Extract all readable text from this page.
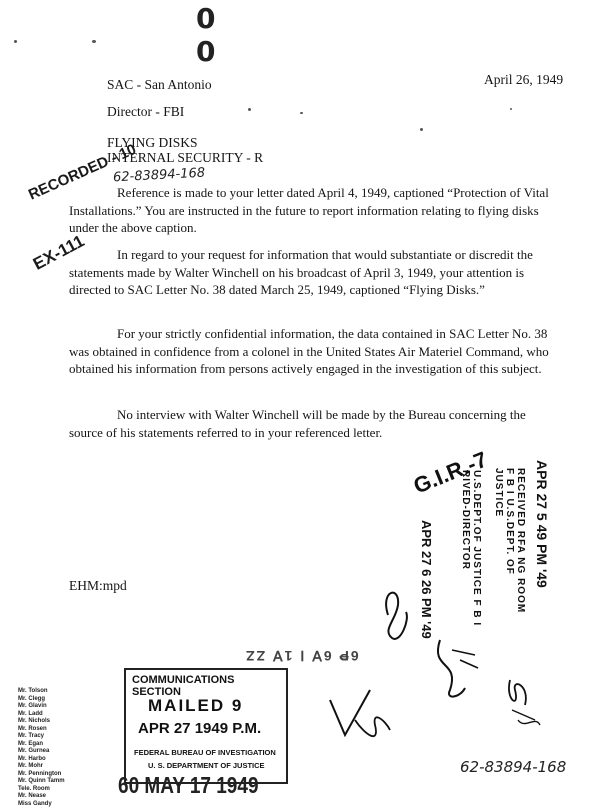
0 0
SAC - San Antonio	April 26, 1949
Director - FBI
FLYING DISKS
INTERNAL SECURITY - R
62-83894-168
RECORDED - 10
EX-111
Reference is made to your letter dated April 4, 1949, captioned “Protection of Vital Installations.” You are instructed in the future to report information relating to flying disks under the above caption.
In regard to your request for information that would substantiate or discredit the statements made by Walter Winchell on his broadcast of April 3, 1949, your attention is directed to SAC Letter No. 38 dated March 25, 1949, captioned “Flying Disks.”
For your strictly confidential information, the data contained in SAC Letter No. 38 was obtained in confidence from a colonel in the United States Air Materiel Command, who obtained his information from persons actively engaged in the investigation of this subject.
No interview with Walter Winchell will be made by the Bureau concerning the source of his statements referred to in your referenced letter.
EHM:mpd
G.I.R.-7
U.S.DEPT.OF JUSTICE F B I RIVED-DIRECTOR
APR 27 6 26 PM '49	RECEIVED RFA NG ROOM F B I U.S.DEPT. OF JUSTICE	APR 27 5 49 PM '49
6₱ 6∀ Ⅰ 1∀ ZZ
COMMUNICATIONS SECTION
MAILED 9
APR 27 1949 P.M.
FEDERAL BUREAU OF INVESTIGATION
U. S. DEPARTMENT OF JUSTICE
Mr. Tolson
Mr. Clegg
Mr. Glavin
Mr. Ladd
Mr. Nichols
Mr. Rosen
Mr. Tracy
Mr. Egan
Mr. Gurnea
Mr. Harbo
Mr. Mohr
Mr. Pennington
Mr. Quinn Tamm
Tele. Room
Mr. Nease
Miss Gandy
60 MAY 17 1949
62-83894-168
